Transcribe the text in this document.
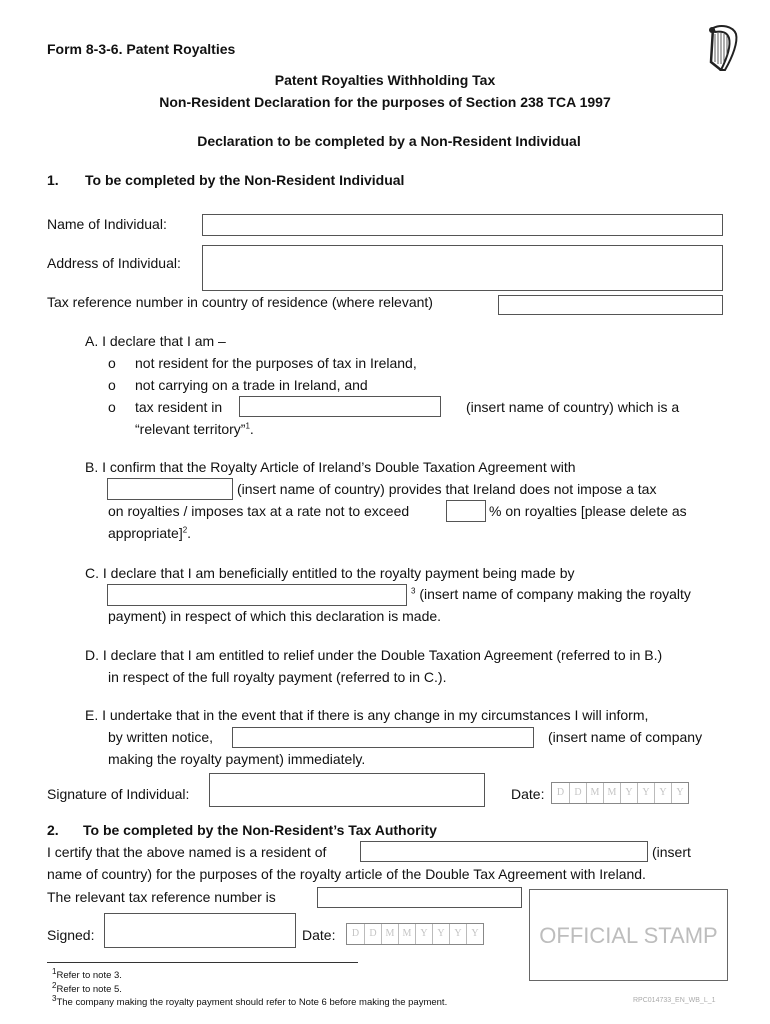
Form 8-3-6. Patent Royalties
Patent Royalties Withholding Tax
Non-Resident Declaration for the purposes of Section 238 TCA 1997
Declaration to be completed by a Non-Resident Individual
1. To be completed by the Non-Resident Individual
Name of Individual:
Address of Individual:
Tax reference number in country of residence (where relevant)
A. I declare that I am –
o not resident for the purposes of tax in Ireland,
o not carrying on a trade in Ireland, and
o tax resident in	(insert name of country) which is a
“relevant territory”$^1$.
B. I confirm that the Royalty Article of Ireland’s Double Taxation Agreement with
(insert name of country) provides that Ireland does not impose a tax
on royalties / imposes tax at a rate not to exceed	% on royalties [please delete as
appropriate]$^2$.
C. I declare that I am beneficially entitled to the royalty payment being made by
$^3$ (insert name of company making the royalty
payment) in respect of which this declaration is made.
D. I declare that I am entitled to relief under the Double Taxation Agreement (referred to in B.)
in respect of the full royalty payment (referred to in C.).
E. I undertake that in the event that if there is any change in my circumstances I will inform,
by written notice,	(insert name of company
making the royalty payment) immediately.
Signature of Individual:	Date:	D	D M M Y Y Y Y
2. To be completed by the Non-Resident’s Tax Authority
I certify that the above named is a resident of	(insert
name of country) for the purposes of the royalty article of the Double Tax Agreement with Ireland.
The relevant tax reference number is
Signed:	Date:	D	D M M Y Y Y Y	OFFICIAL STAMP
$^1$Refer to note 3.
$^2$Refer to note 5.
$^3$The company making the royalty payment should refer to Note 6 before making the payment.	RPC014733_EN_WB_L_1
